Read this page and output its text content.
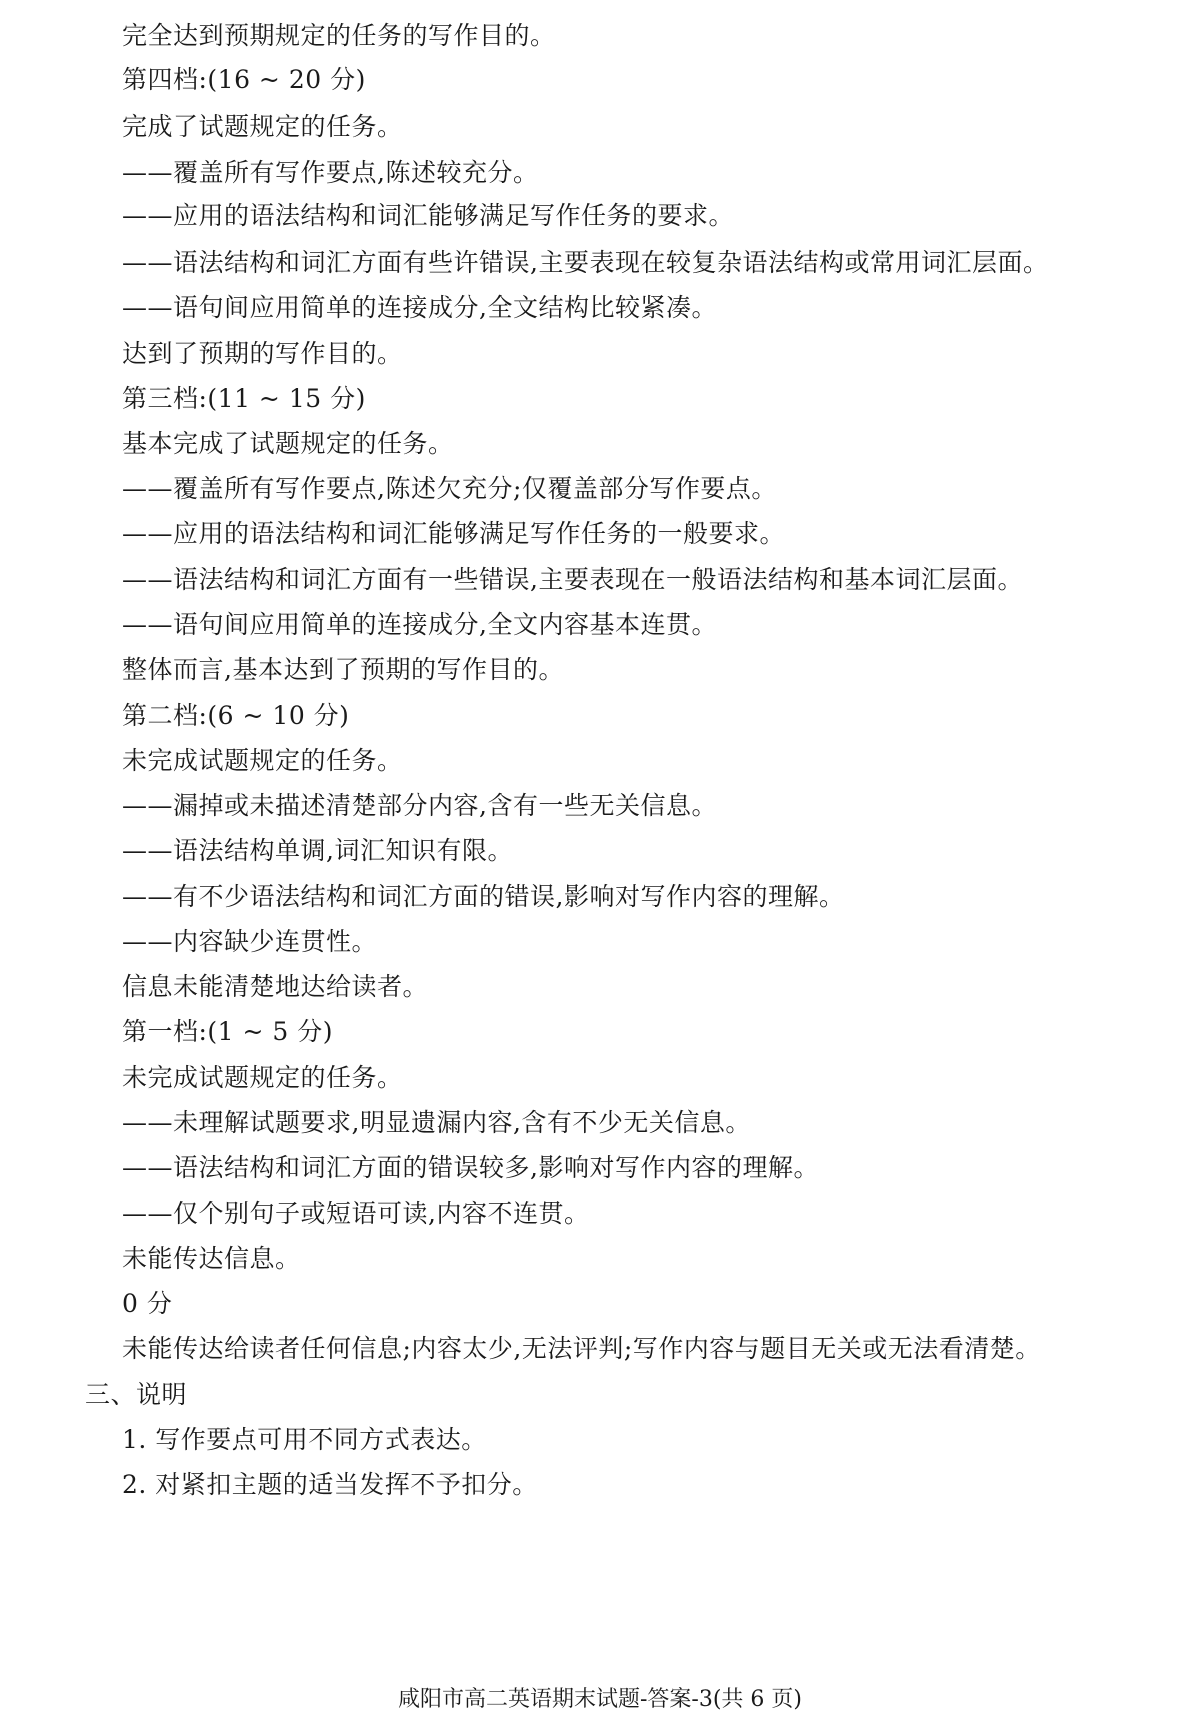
完全达到预期规定的任务的写作目的。
第四档:(16 ~ 20 分)
完成了试题规定的任务。
——覆盖所有写作要点,陈述较充分。
——应用的语法结构和词汇能够满足写作任务的要求。
——语法结构和词汇方面有些许错误,主要表现在较复杂语法结构或常用词汇层面。
——语句间应用简单的连接成分,全文结构比较紧凑。
达到了预期的写作目的。
第三档:(11 ~ 15 分)
基本完成了试题规定的任务。
——覆盖所有写作要点,陈述欠充分;仅覆盖部分写作要点。
——应用的语法结构和词汇能够满足写作任务的一般要求。
——语法结构和词汇方面有一些错误,主要表现在一般语法结构和基本词汇层面。
——语句间应用简单的连接成分,全文内容基本连贯。
整体而言,基本达到了预期的写作目的。
第二档:(6 ~ 10 分)
未完成试题规定的任务。
——漏掉或未描述清楚部分内容,含有一些无关信息。
——语法结构单调,词汇知识有限。
——有不少语法结构和词汇方面的错误,影响对写作内容的理解。
——内容缺少连贯性。
信息未能清楚地达给读者。
第一档:(1 ~ 5 分)
未完成试题规定的任务。
——未理解试题要求,明显遗漏内容,含有不少无关信息。
——语法结构和词汇方面的错误较多,影响对写作内容的理解。
——仅个别句子或短语可读,内容不连贯。
未能传达信息。
0 分
未能传达给读者任何信息;内容太少,无法评判;写作内容与题目无关或无法看清楚。
三、说明
1. 写作要点可用不同方式表达。
2. 对紧扣主题的适当发挥不予扣分。
咸阳市高二英语期末试题-答案-3(共 6 页)
